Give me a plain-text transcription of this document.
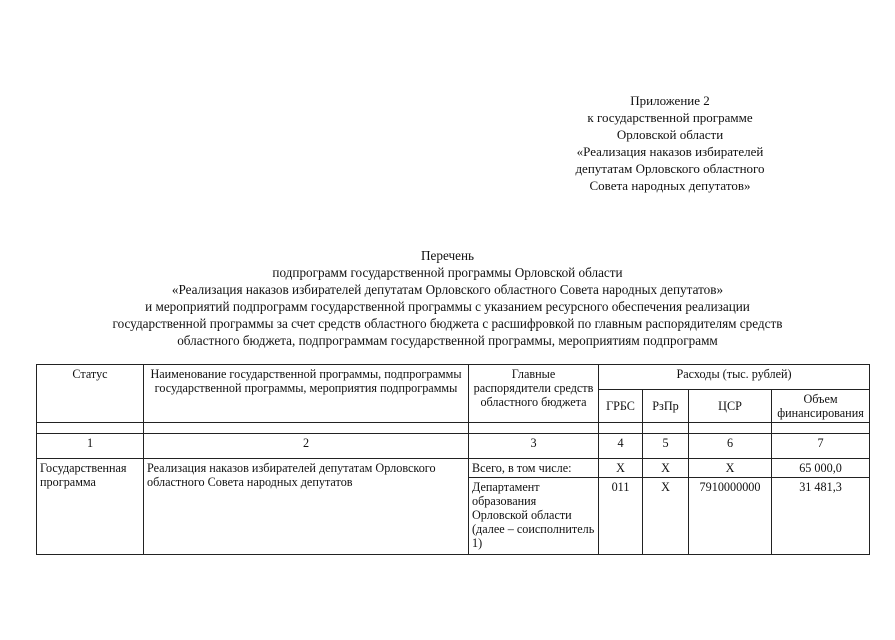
Приложение 2
к государственной программе
Орловской области
«Реализация наказов избирателей
депутатам Орловского областного
Совета народных депутатов»
Перечень
подпрограмм государственной программы Орловской области
«Реализация наказов избирателей депутатам Орловского областного Совета народных депутатов»
и мероприятий подпрограмм государственной программы с указанием ресурсного обеспечения реализации
государственной программы за счет средств областного бюджета с расшифровкой по главным распорядителям средств
областного бюджета, подпрограммам государственной программы, мероприятиям подпрограмм
Статус	Наименование государственной программы, подпрограммы государственной программы, мероприятия подпрограммы	Главные распорядители средств областного бюджета	Расходы (тыс. рублей)			
			ГРБС	РзПр	ЦСР	Объем финансирования

1	2	3	4	5	6	7
Государственная программа	Реализация наказов избирателей депутатам Орловского областного Совета народных депутатов	Всего, в том числе:	Х	Х	Х	65 000,0
		Департамент образования Орловской области (далее – соисполнитель 1)	011	Х	7910000000	31 481,3
